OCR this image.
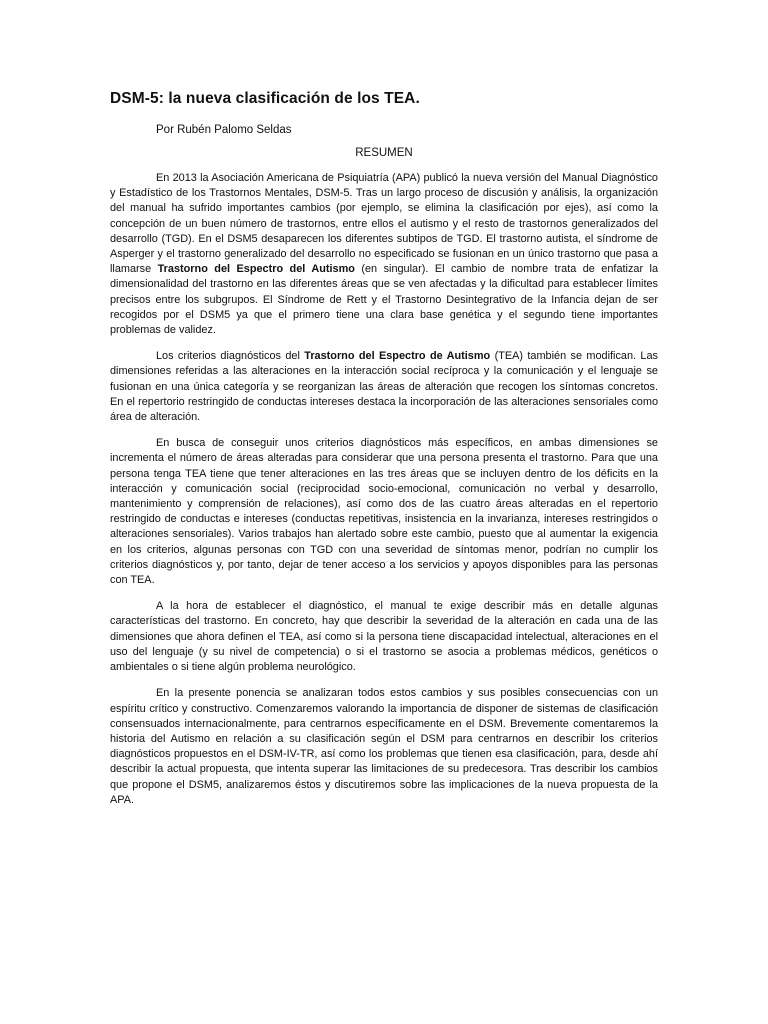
DSM-5: la nueva clasificación de los TEA.

Por Rubén Palomo Seldas

RESUMEN

En 2013 la Asociación Americana de Psiquiatría (APA) publicó la nueva versión del Manual Diagnóstico y Estadístico de los Trastornos Mentales, DSM-5. Tras un largo proceso de discusión y análisis, la organización del manual ha sufrido importantes cambios (por ejemplo, se elimina la clasificación por ejes), así como la concepción de un buen número de trastornos, entre ellos el autismo y el resto de trastornos generalizados del desarrollo (TGD). En el DSM5 desaparecen los diferentes subtipos de TGD. El trastorno autista, el síndrome de Asperger y el trastorno generalizado del desarrollo no especificado se fusionan en un único trastorno que pasa a llamarse Trastorno del Espectro del Autismo (en singular). El cambio de nombre trata de enfatizar la dimensionalidad del trastorno en las diferentes áreas que se ven afectadas y la dificultad para establecer límites precisos entre los subgrupos. El Síndrome de Rett y el Trastorno Desintegrativo de la Infancia dejan de ser recogidos por el DSM5 ya que el primero tiene una clara base genética y el segundo tiene importantes problemas de validez.

Los criterios diagnósticos del Trastorno del Espectro de Autismo (TEA) también se modifican. Las dimensiones referidas a las alteraciones en la interacción social recíproca y la comunicación y el lenguaje se fusionan en una única categoría y se reorganizan las áreas de alteración que recogen los síntomas concretos. En el repertorio restringido de conductas intereses destaca la incorporación de las alteraciones sensoriales como área de alteración.

En busca de conseguir unos criterios diagnósticos más específicos, en ambas dimensiones se incrementa el número de áreas alteradas para considerar que una persona presenta el trastorno. Para que una persona tenga TEA tiene que tener alteraciones en las tres áreas que se incluyen dentro de los déficits en la interacción y comunicación social (reciprocidad socio-emocional, comunicación no verbal y desarrollo, mantenimiento y comprensión de relaciones), así como dos de las cuatro áreas alteradas en el repertorio restringido de conductas e intereses (conductas repetitivas, insistencia en la invarianza, intereses restringidos o alteraciones sensoriales). Varios trabajos han alertado sobre este cambio, puesto que al aumentar la exigencia en los criterios, algunas personas con TGD con una severidad de síntomas menor, podrían no cumplir los criterios diagnósticos y, por tanto, dejar de tener acceso a los servicios y apoyos disponibles para las personas con TEA.

A la hora de establecer el diagnóstico, el manual te exige describir más en detalle algunas características del trastorno. En concreto, hay que describir la severidad de la alteración en cada una de las dimensiones que ahora definen el TEA, así como si la persona tiene discapacidad intelectual, alteraciones en el uso del lenguaje (y su nivel de competencia) o si el trastorno se asocia a problemas médicos, genéticos o ambientales o si tiene algún problema neurológico.

En la presente ponencia se analizaran todos estos cambios y sus posibles consecuencias con un espíritu crítico y constructivo. Comenzaremos valorando la importancia de disponer de sistemas de clasificación consensuados internacionalmente, para centrarnos específicamente en el DSM. Brevemente comentaremos la historia del Autismo en relación a su clasificación según el DSM para centrarnos en describir los criterios diagnósticos propuestos en el DSM-IV-TR, así como los problemas que tienen esa clasificación, para, desde ahí describir la actual propuesta, que intenta superar las limitaciones de su predecesora. Tras describir los cambios que propone el DSM5, analizaremos éstos y discutiremos sobre las implicaciones de la nueva propuesta de la APA.
